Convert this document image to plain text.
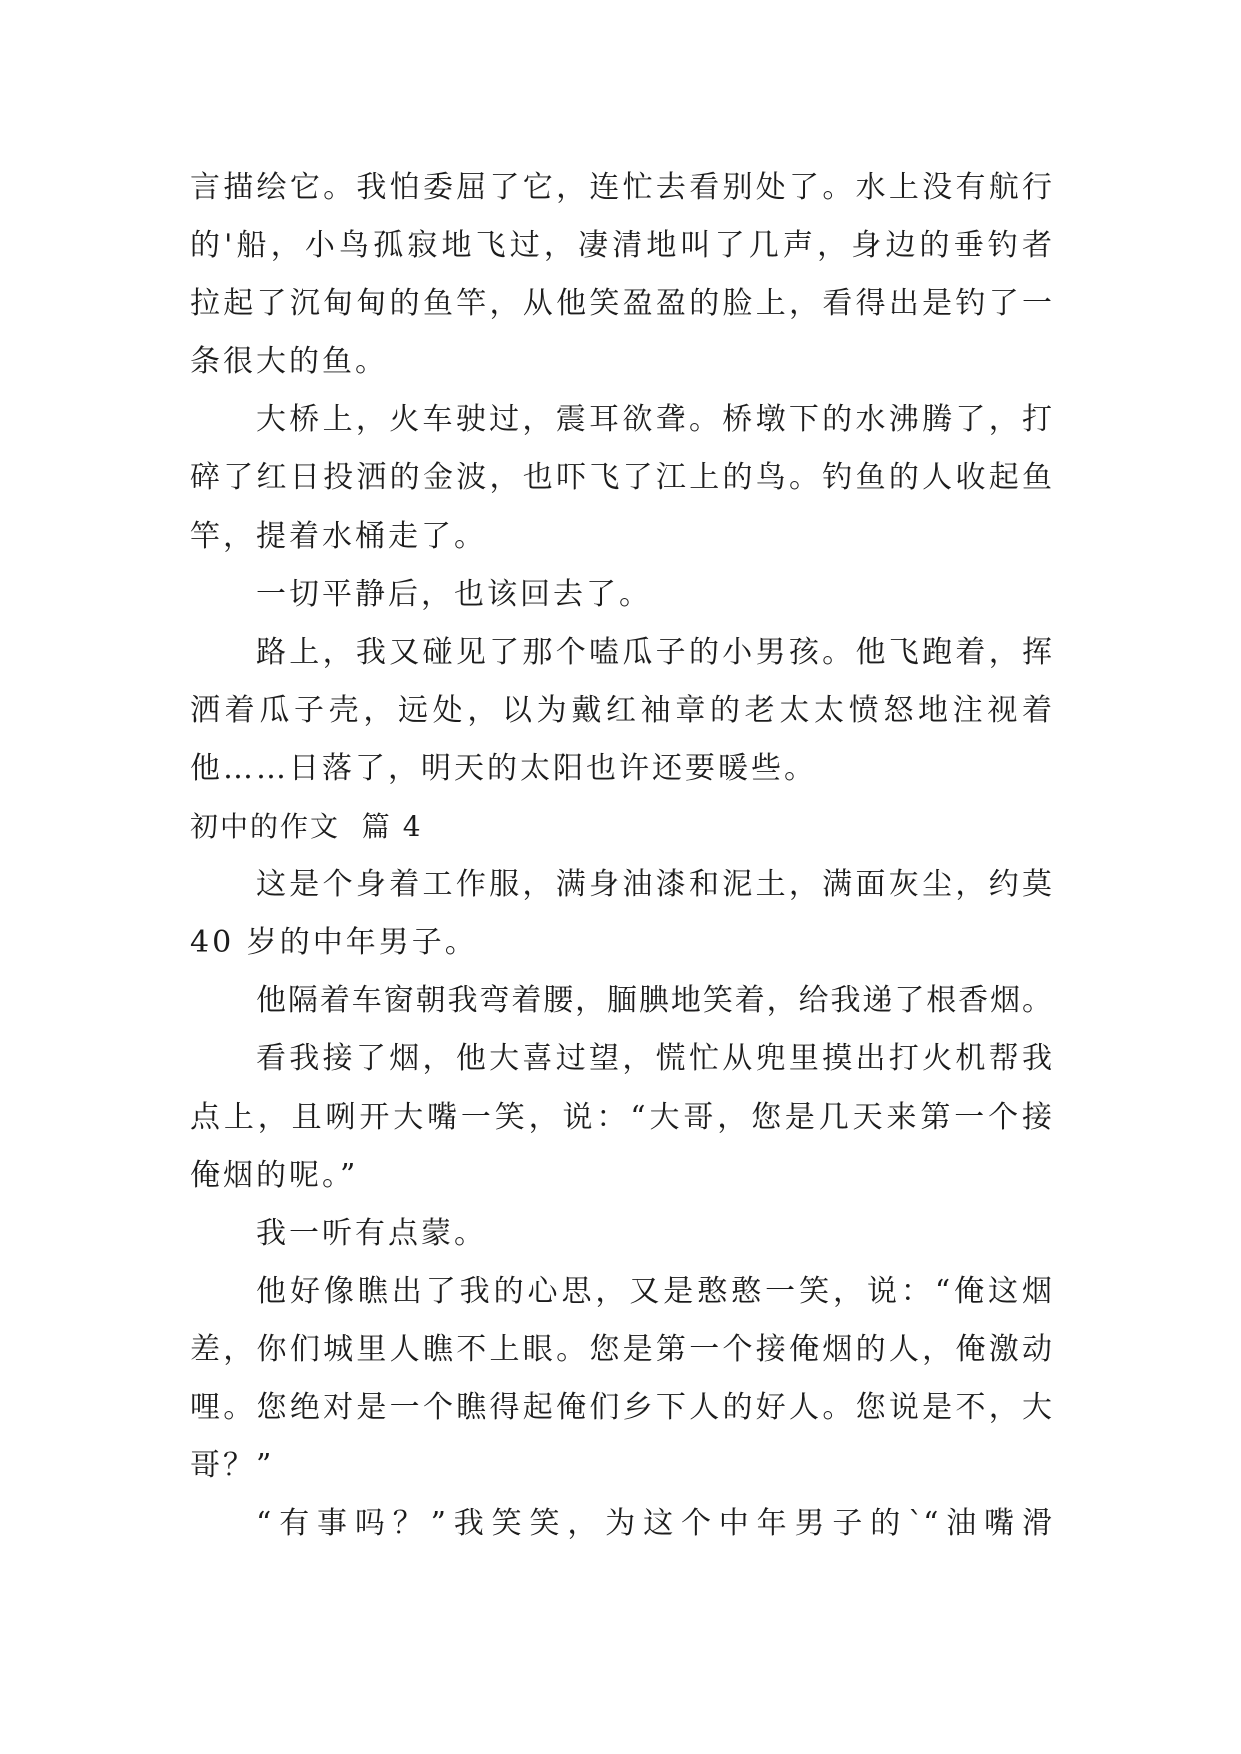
言描绘它。我怕委屈了它，连忙去看别处了。水上没有航行
的'船，小鸟孤寂地飞过，凄清地叫了几声，身边的垂钓者
拉起了沉甸甸的鱼竿，从他笑盈盈的脸上，看得出是钓了一
条很大的鱼。
大桥上，火车驶过，震耳欲聋。桥墩下的水沸腾了，打
碎了红日投洒的金波，也吓飞了江上的鸟。钓鱼的人收起鱼
竿，提着水桶走了。
一切平静后，也该回去了。
路上，我又碰见了那个嗑瓜子的小男孩。他飞跑着，挥
洒着瓜子壳，远处，以为戴红袖章的老太太愤怒地注视着
他……日落了，明天的太阳也许还要暖些。
初中的作文  篇 4
这是个身着工作服，满身油漆和泥土，满面灰尘，约莫
40 岁的中年男子。
他隔着车窗朝我弯着腰，腼腆地笑着，给我递了根香烟。
看我接了烟，他大喜过望，慌忙从兜里摸出打火机帮我
点上，且咧开大嘴一笑，说：“大哥，您是几天来第一个接
俺烟的呢。”
我一听有点蒙。
他好像瞧出了我的心思，又是憨憨一笑，说：“俺这烟
差，你们城里人瞧不上眼。您是第一个接俺烟的人，俺激动
哩。您绝对是一个瞧得起俺们乡下人的好人。您说是不，大
哥？”
“有事吗？”我笑笑，为这个中年男子的`“油嘴滑
